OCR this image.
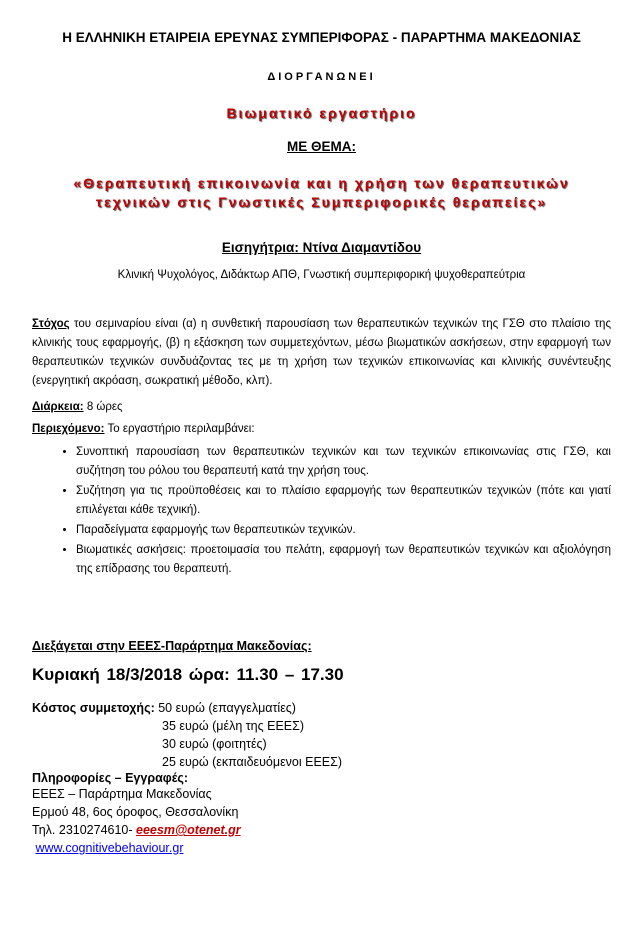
Η ΕΛΛΗΝΙΚΗ ΕΤΑΙΡΕΙΑ ΕΡΕΥΝΑΣ ΣΥΜΠΕΡΙΦΟΡΑΣ - ΠΑΡΑΡΤΗΜΑ ΜΑΚΕΔΟΝΙΑΣ
ΔΙΟΡΓΑΝΩΝΕΙ
Βιωματικό εργαστήριο
ΜΕ ΘΕΜΑ:
«Θεραπευτική επικοινωνία και η χρήση των θεραπευτικών τεχνικών στις Γνωστικές Συμπεριφορικές θεραπείες»
Εισηγήτρια: Ντίνα Διαμαντίδου
Κλινική Ψυχολόγος, Διδάκτωρ ΑΠΘ, Γνωστική συμπεριφορική ψυχοθεραπεύτρια
Στόχος του σεμιναρίου είναι (α) η συνθετική παρουσίαση των θεραπευτικών τεχνικών της ΓΣΘ στο πλαίσιο της κλινικής τους εφαρμογής, (β) η εξάσκηση των συμμετεχόντων, μέσω βιωματικών ασκήσεων, στην εφαρμογή των θεραπευτικών τεχνικών συνδυάζοντας τες με τη χρήση των τεχνικών επικοινωνίας και κλινικής συνέντευξης (ενεργητική ακρόαση, σωκρατική μέθοδο, κλπ).
Διάρκεια: 8 ώρες
Περιεχόμενο: Το εργαστήριο περιλαμβάνει:
• Συνοπτική παρουσίαση των θεραπευτικών τεχνικών και των τεχνικών επικοινωνίας στις ΓΣΘ, και συζήτηση του ρόλου του θεραπευτή κατά την χρήση τους.
• Συζήτηση για τις προϋποθέσεις και το πλαίσιο εφαρμογής των θεραπευτικών τεχνικών (πότε και γιατί επιλέγεται κάθε τεχνική).
• Παραδείγματα εφαρμογής των θεραπευτικών τεχνικών.
• Βιωματικές ασκήσεις: προετοιμασία του πελάτη, εφαρμογή των θεραπευτικών τεχνικών και αξιολόγηση της επίδρασης του θεραπευτή.
Διεξάγεται στην ΕΕΕΣ-Παράρτημα Μακεδονίας:
Κυριακή 18/3/2018 ώρα: 11.30 – 17.30
Κόστος συμμετοχής: 50 ευρώ (επαγγελματίες)
35 ευρώ (μέλη της ΕΕΕΣ)
30 ευρώ (φοιτητές)
25 ευρώ (εκπαιδευόμενοι ΕΕΕΣ)
Πληροφορίες – Εγγραφές:
ΕΕΕΣ – Παράρτημα Μακεδονίας
Ερμού 48, 6ος όροφος, Θεσσαλονίκη
Τηλ. 2310274610- eeesm@otenet.gr
www.cognitivebehaviour.gr
